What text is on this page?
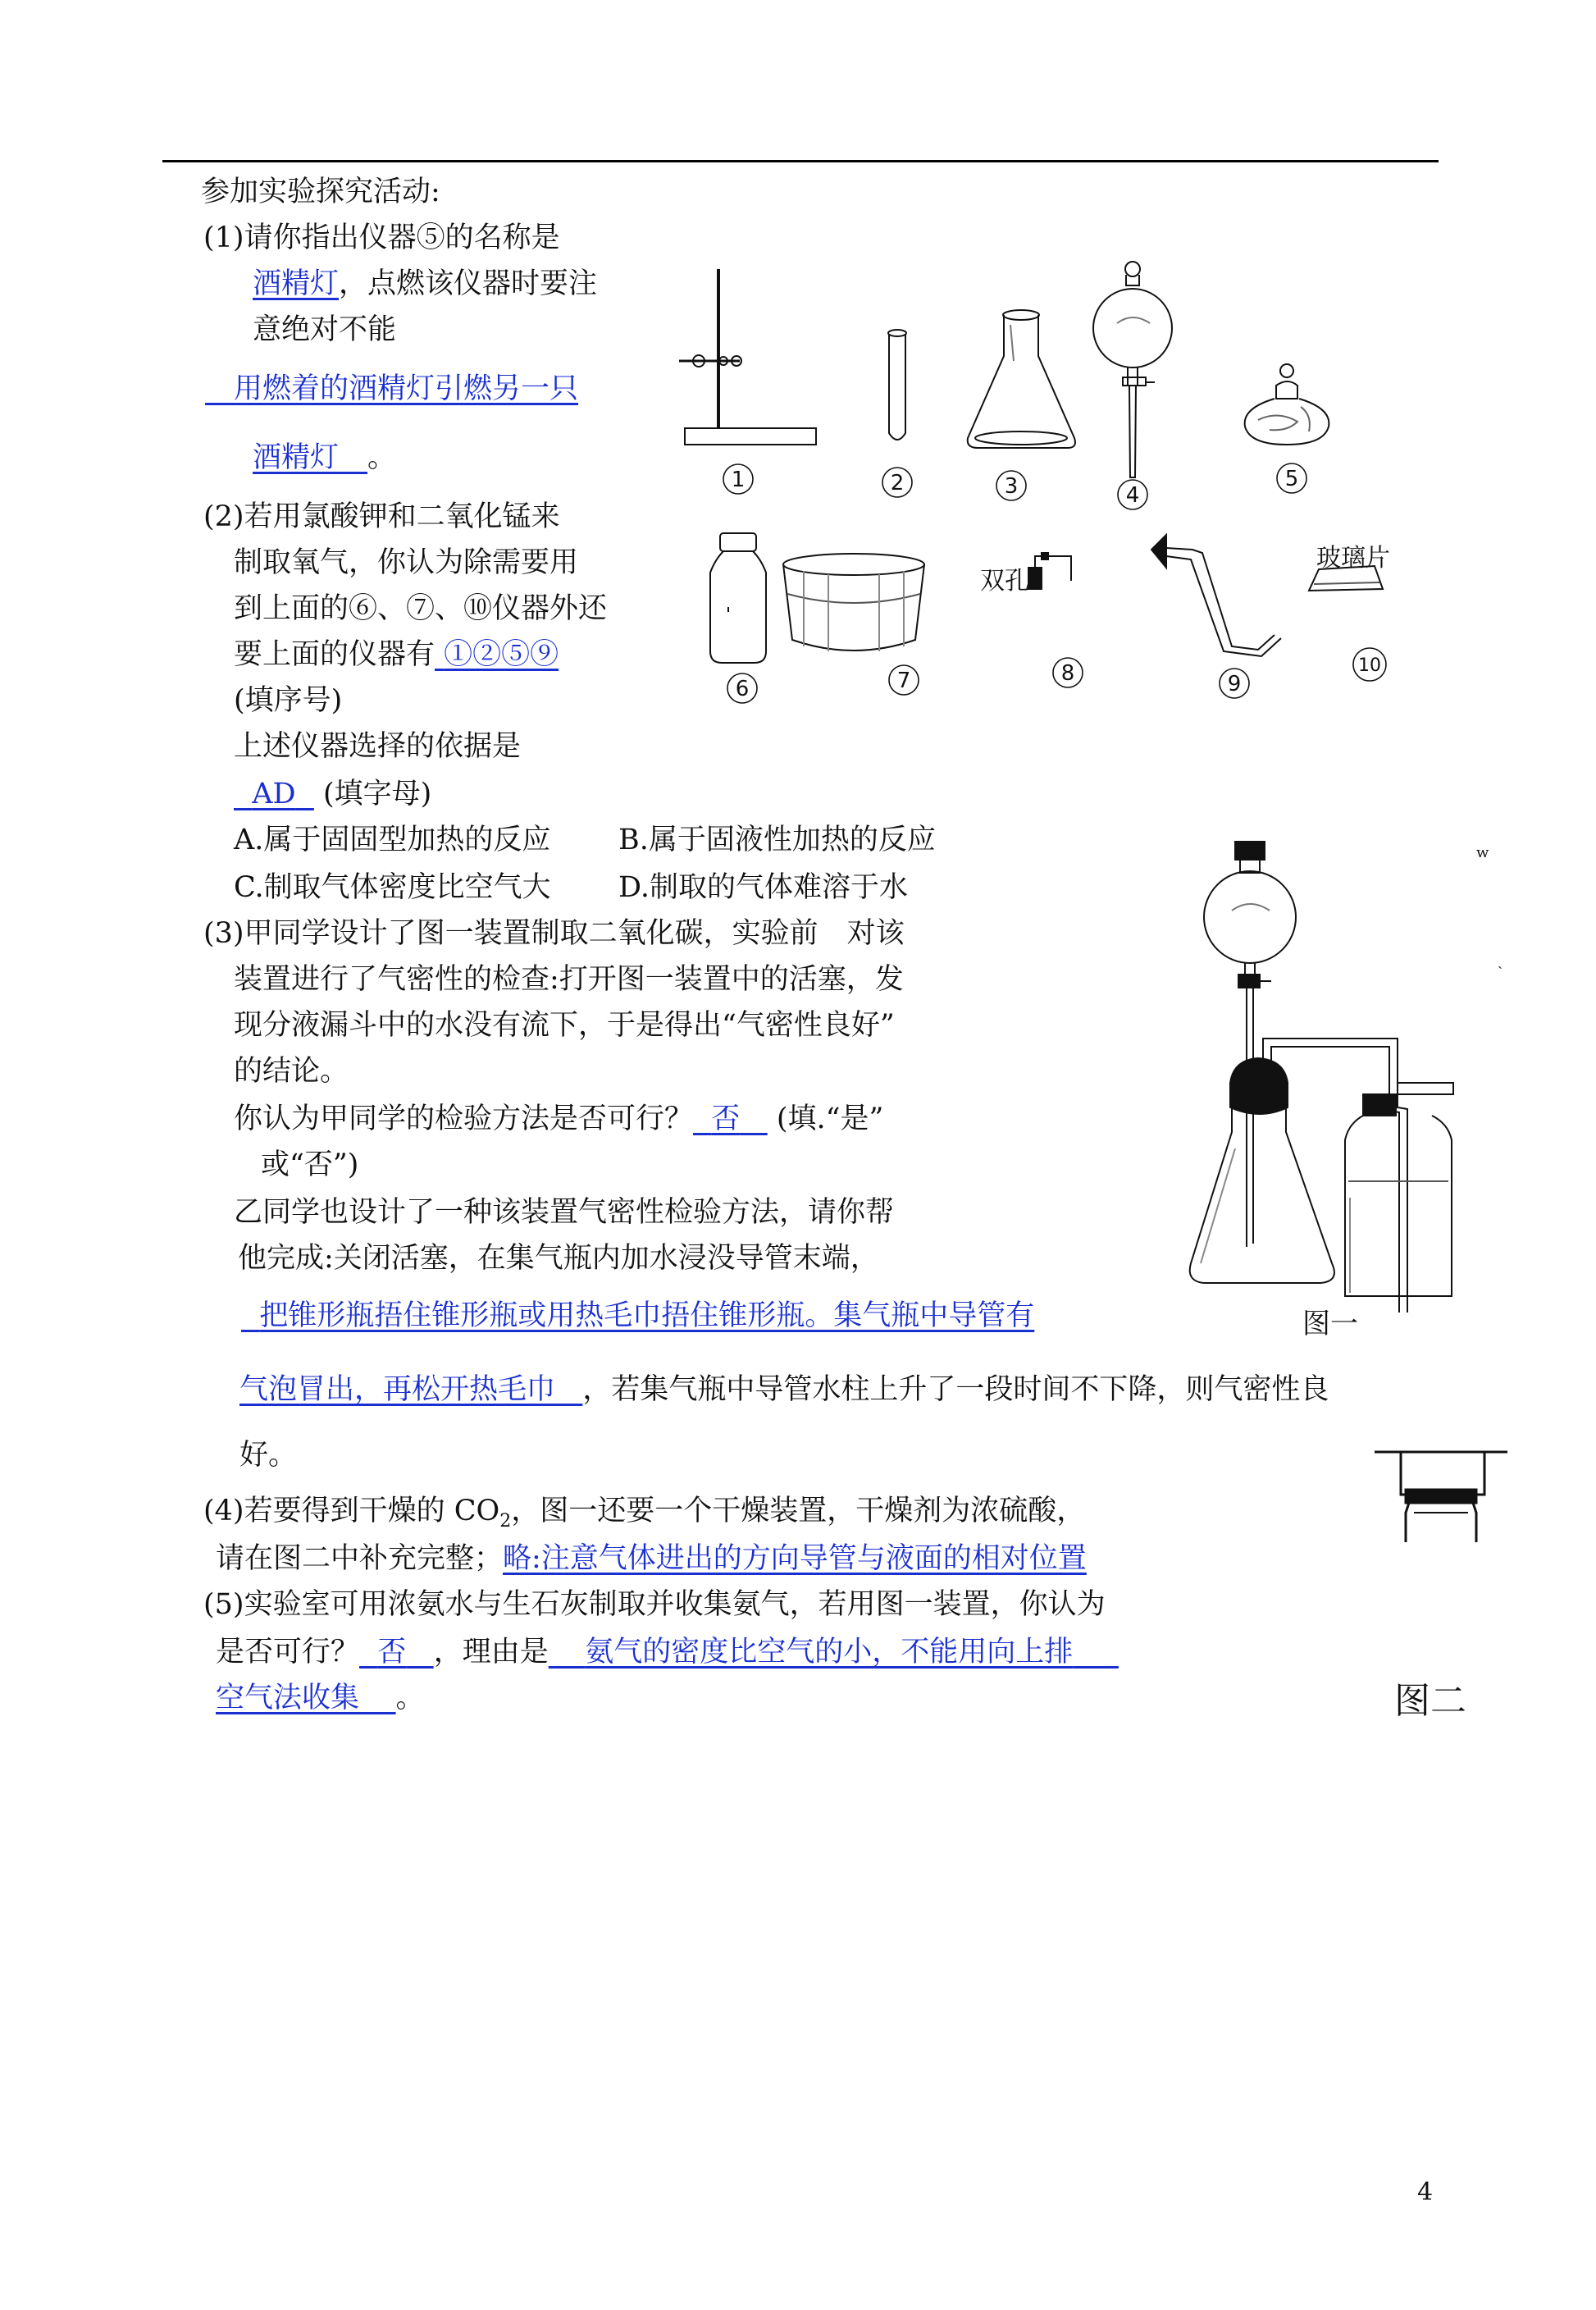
参加实验探究活动:
(1)请你指出仪器⑤的名称是
酒精灯，点燃该仪器时要注
意绝对不能
　用燃着的酒精灯引燃另一只
酒精灯　 。
(2)若用氯酸钾和二氧化锰来
制取氧气，你认为除需要用
到上面的⑥、⑦、⑩仪器外还
要上面的仪器有 ①②⑤⑨
(填序号)
上述仪器选择的依据是
AD (填字母)
A.属于固固型加热的反应 B.属于固液性加热的反应
C.制取气体密度比空气大 D.制取的气体难溶于水
(3)甲同学设计了图一装置制取二氧化碳，实验前　对该
装置进行了气密性的检查:打开图一装置中的活塞，发
现分液漏斗中的水没有流下，于是得出“气密性良好”
的结论。
你认为甲同学的检验方法是否可行？ 否 (填.“是”
或“否”)
乙同学也设计了一种该装置气密性检验方法，请你帮
他完成:关闭活塞，在集气瓶内加水浸没导管末端，
把锥形瓶捂住锥形瓶或用热毛巾捂住锥形瓶。集气瓶中导管有
气泡冒出，再松开热毛巾 ，若集气瓶中导管水柱上升了一段时间不下降，则气密性良
好。
(4)若要得到干燥的 $CO_2$，图一还要一个干燥装置，干燥剂为浓硫酸，
请在图二中补充完整；略:注意气体进出的方向导管与液面的相对位置
(5)实验室可用浓氨水与生石灰制取并收集氨气，若用图一装置，你认为
是否可行？ 否 ，理由是 氨气的密度比空气的小，不能用向上排
空气法收集 。
双孔
玻璃片
1	2	3	4
5
6	7	8	9
10
图一
w
ˎ
图二
4
